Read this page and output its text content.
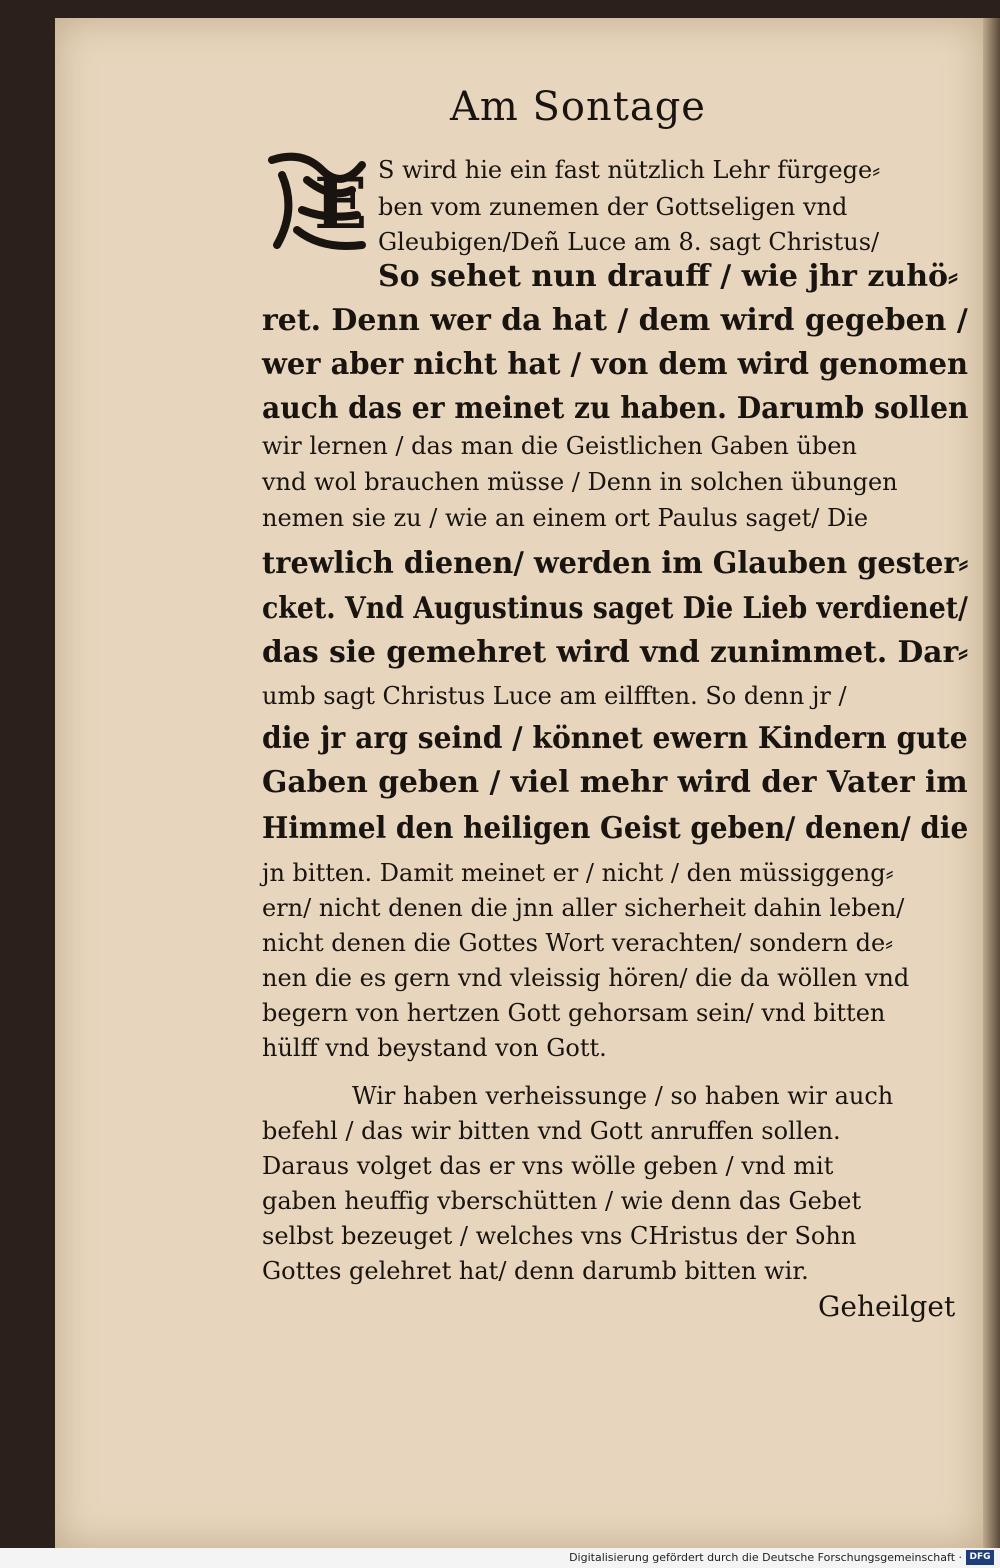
Am Sontage
E S wird hie ein fast nützlich Lehr fürgege⸗
ben vom zunemen der Gottseligen vnd
Gleubigen/Deñ Luce am 8. sagt Christus/
So sehet nun drauff / wie jhr zuhö⸗
ret. Denn wer da hat / dem wird gegeben /
wer aber nicht hat / von dem wird genomen
auch das er meinet zu haben. Darumb sollen
wir lernen / das man die Geistlichen Gaben üben
vnd wol brauchen müsse / Denn in solchen übungen
nemen sie zu / wie an einem ort Paulus saget/ Die
trewlich dienen/ werden im Glauben gester⸗
cket. Vnd Augustinus saget Die Lieb verdienet/
das sie gemehret wird vnd zunimmet. Dar⸗
umb sagt Christus Luce am eilfften. So denn jr /
die jr arg seind / könnet ewern Kindern gute
Gaben geben / viel mehr wird der Vater im
Himmel den heiligen Geist geben/ denen/ die
jn bitten. Damit meinet er / nicht / den müssiggeng⸗
ern/ nicht denen die jnn aller sicherheit dahin leben/
nicht denen die Gottes Wort verachten/ sondern de⸗
nen die es gern vnd vleissig hören/ die da wöllen vnd
begern von hertzen Gott gehorsam sein/ vnd bitten
hülff vnd beystand von Gott.
Wir haben verheissunge / so haben wir auch
befehl / das wir bitten vnd Gott anruffen sollen.
Daraus volget das er vns wölle geben / vnd mit
gaben heuffig vberschütten / wie denn das Gebet
selbst bezeuget / welches vns CHristus der Sohn
Gottes gelehret hat/ denn darumb bitten wir.
Geheilget
Digitalisierung gefördert durch die Deutsche Forschungsgemeinschaft · DFG
